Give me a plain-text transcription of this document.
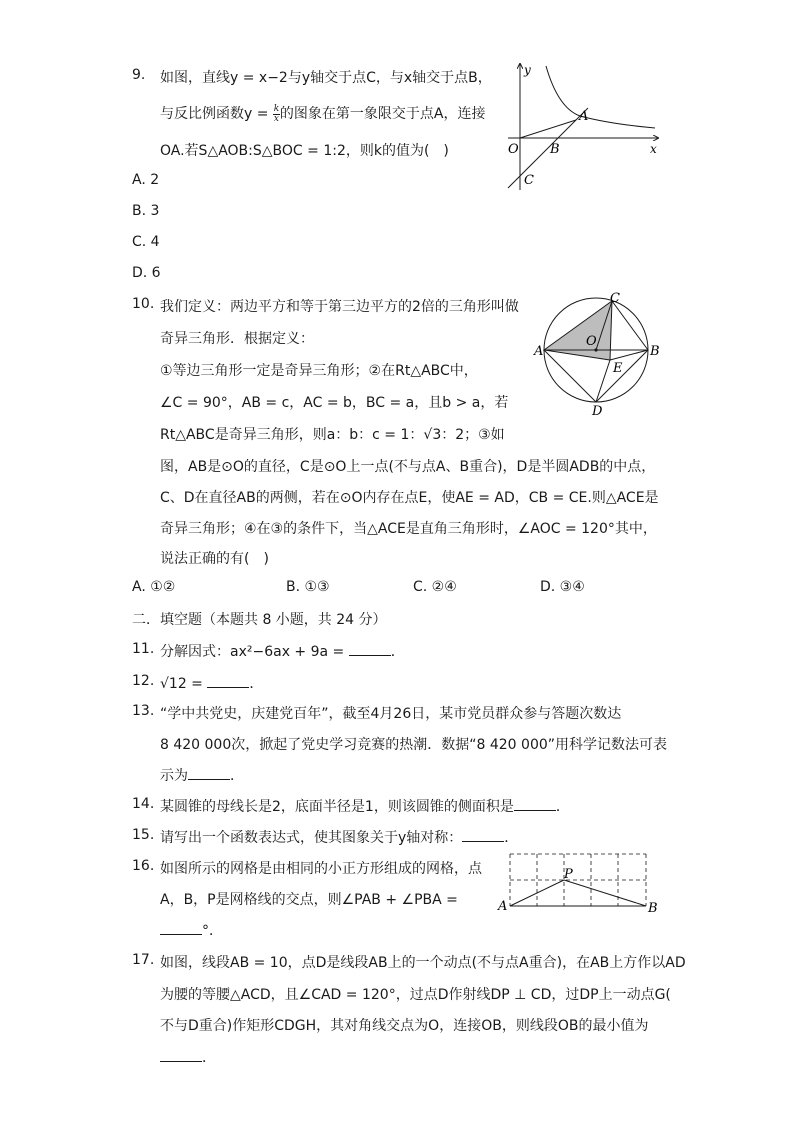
9. 如图，直线y = x−2与y轴交于点C，与x轴交于点B，
与反比例函数$y = \frac{k}{x}$ 的图象在第一象限交于点A，连接
OA.若S△AOB:S△BOC = 1:2，则k的值为(　)
A. 2
B. 3
C. 4
D. 6
y
x
O
A
B
C
10. 我们定义：两边平方和等于第三边平方的2倍的三角形叫做
奇异三角形．根据定义：
①等边三角形一定是奇异三角形；②在Rt△ABC中，
∠C = 90°，AB = c，AC = b，BC = a，且b > a，若
Rt△ABC是奇异三角形，则a：b：c = 1：√3：2；③如
图，AB是⊙O的直径，C是⊙O上一点(不与点A、B重合)，D是半圆ADB的中点，
C、D在直径AB的两侧，若在⊙O内存在点E，使AE = AD，CB = CE.则△ACE是
奇异三角形；④在③的条件下，当△ACE是直角三角形时，∠AOC = 120°其中，
说法正确的有(　)
A. ①②	B. ①③	C. ②④	D. ③④
C
A	B
O
E
D
二．填空题（本题共 8 小题，共 24 分）
11. 分解因式：ax²−6ax + 9a =	．
12. √12 =	．
13. “学中共党史，庆建党百年”，截至4月26日，某市党员群众参与答题次数达
8 420 000次，掀起了党史学习竞赛的热潮．数据“8 420 000”用科学记数法可表
示为	．
14. 某圆锥的母线长是2，底面半径是1，则该圆锥的侧面积是	．
15. 请写出一个函数表达式，使其图象关于y轴对称：	．
16. 如图所示的网格是由相同的小正方形组成的网格，点
A，B，P是网格线的交点，则∠PAB + ∠PBA =
°．
A	B
P
17. 如图，线段AB = 10，点D是线段AB上的一个动点(不与点A重合)，在AB上方作以AD
为腰的等腰△ACD，且∠CAD = 120°，过点D作射线DP ⊥ CD，过DP上一动点G(
不与D重合)作矩形CDGH，其对角线交点为O，连接OB，则线段OB的最小值为
．
